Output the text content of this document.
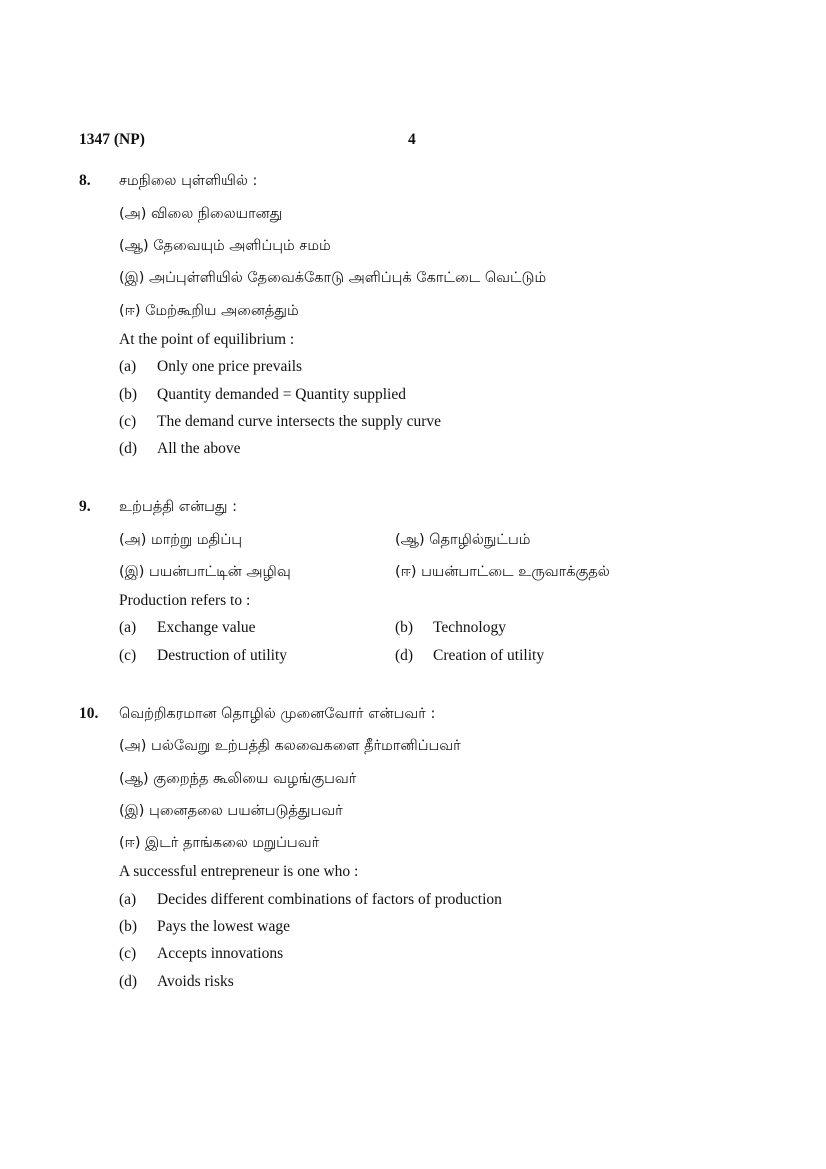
1347 (NP)	4
8. சமநிலை புள்ளியில் :
(அ) விலை நிலையானது
(ஆ) தேவையும் அளிப்பும் சமம்
(இ) அப்புள்ளியில் தேவைக்கோடு அளிப்புக் கோட்டை வெட்டும்
(ஈ) மேற்கூறிய அனைத்தும்
At the point of equilibrium :
(a) Only one price prevails
(b) Quantity demanded = Quantity supplied
(c) The demand curve intersects the supply curve
(d) All the above
9. உற்பத்தி என்பது :
(அ) மாற்று மதிப்பு	(ஆ) தொழில்நுட்பம்
(இ) பயன்பாட்டின் அழிவு	(ஈ) பயன்பாட்டை உருவாக்குதல்
Production refers to :
(a) Exchange value	(b) Technology
(c) Destruction of utility	(d) Creation of utility
10. வெற்றிகரமான தொழில் முனைவோர் என்பவர் :
(அ) பல்வேறு உற்பத்தி கலவைகளை தீர்மானிப்பவர்
(ஆ) குறைந்த கூலியை வழங்குபவர்
(இ) புனைதலை பயன்படுத்துபவர்
(ஈ) இடர் தாங்கலை மறுப்பவர்
A successful entrepreneur is one who :
(a) Decides different combinations of factors of production
(b) Pays the lowest wage
(c) Accepts innovations
(d) Avoids risks
